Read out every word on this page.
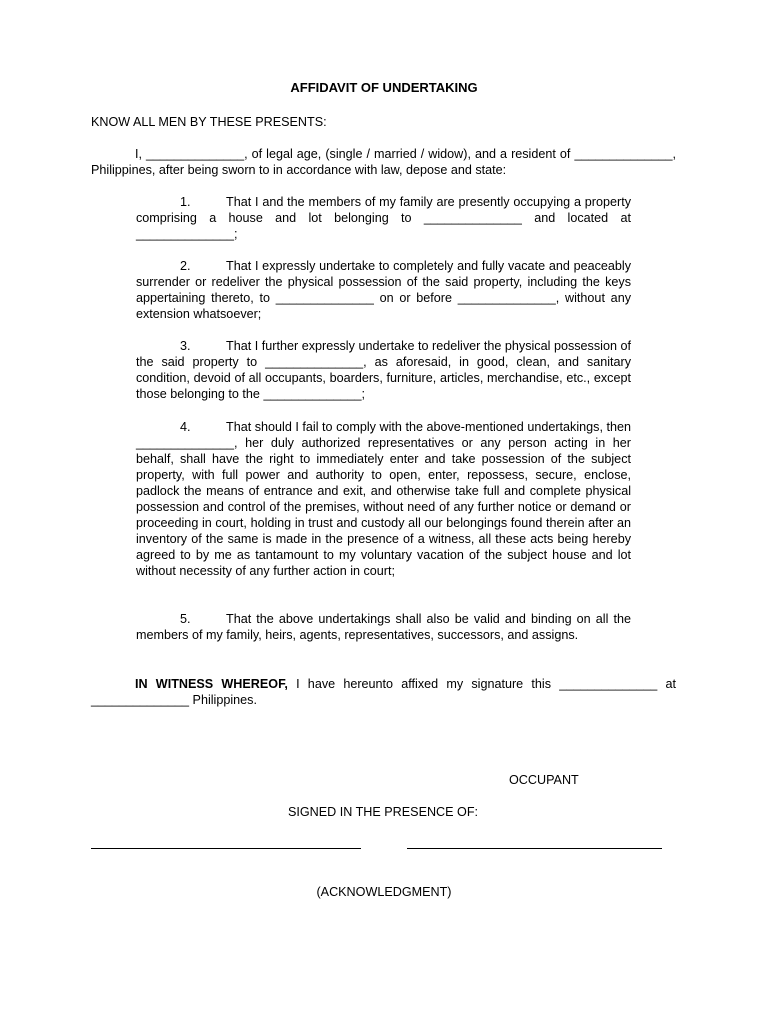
AFFIDAVIT OF UNDERTAKING
KNOW ALL MEN BY THESE PRESENTS:
I, ______________, of legal age, (single / married / widow), and a resident of ______________, Philippines, after being sworn to in accordance with law, depose and state:
1.	That I and the members of my family are presently occupying a property comprising a house and lot belonging to ______________ and located at ______________;
2.	That I expressly undertake to completely and fully vacate and peaceably surrender or redeliver the physical possession of the said property, including the keys appertaining thereto, to ______________ on or before ______________, without any extension whatsoever;
3.	That I further expressly undertake to redeliver the physical possession of the said property to ______________, as aforesaid, in good, clean, and sanitary condition, devoid of all occupants, boarders, furniture, articles, merchandise, etc., except those belonging to the ______________;
4.	That should I fail to comply with the above-mentioned undertakings, then ______________, her duly authorized representatives or any person acting in her behalf, shall have the right to immediately enter and take possession of the subject property, with full power and authority to open, enter, repossess, secure, enclose, padlock the means of entrance and exit, and otherwise take full and complete physical possession and control of the premises, without need of any further notice or demand or proceeding in court, holding in trust and custody all our belongings found therein after an inventory of the same is made in the presence of a witness, all these acts being hereby agreed to by me as tantamount to my voluntary vacation of the subject house and lot without necessity of any further action in court;
5.	That the above undertakings shall also be valid and binding on all the members of my family, heirs, agents, representatives, successors, and assigns.
IN WITNESS WHEREOF, I have hereunto affixed my signature this ______________ at ______________ Philippines.
OCCUPANT
SIGNED IN THE PRESENCE OF:
(ACKNOWLEDGMENT)
